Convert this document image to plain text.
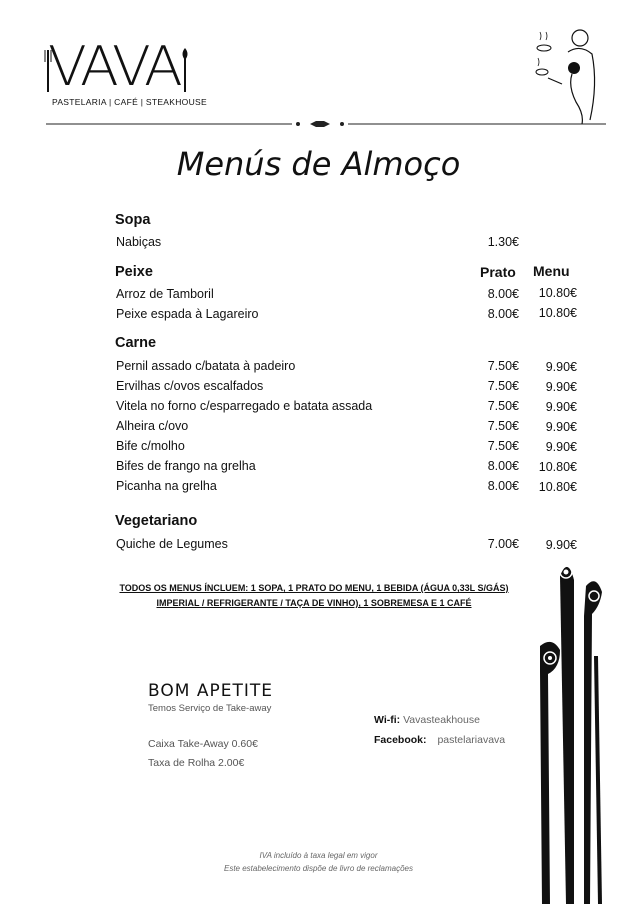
VAVA
PASTELARIA | CAFÉ | STEAKHOUSE
Menús de Almoço
Sopa
Nabiças	1.30€
Peixe	Prato Menu
Arroz de Tamboril	8.00€	10.80€
Peixe espada à Lagareiro	8.00€	10.80€
Carne
Pernil assado c/batata à padeiro	7.50€	9.90€
Ervilhas c/ovos escalfados	7.50€	9.90€
Vitela no forno c/esparregado e batata assada	7.50€	9.90€
Alheira c/ovo	7.50€	9.90€
Bife c/molho	7.50€	9.90€
Bifes de frango na grelha	8.00€	10.80€
Picanha na grelha	8.00€	10.80€
Vegetariano
Quiche de Legumes	7.00€	9.90€
TODOS OS MENUS ÍNCLUEM: 1 SOPA, 1 PRATO DO MENU, 1 BEBIDA (ÁGUA 0,33L S/GÁS)
IMPERIAL / REFRIGERANTE / TAÇA DE VINHO), 1 SOBREMESA E 1 CAFÉ
BOM APETITE
Temos Serviço de Take-away
Caixa Take-Away 0.60€
Taxa de Rolha 2.00€
Wi-fi: Vavasteakhouse
Facebook: pastelariavava
IVA incluído à taxa legal em vigor
Este estabelecimento dispõe de livro de reclamações
